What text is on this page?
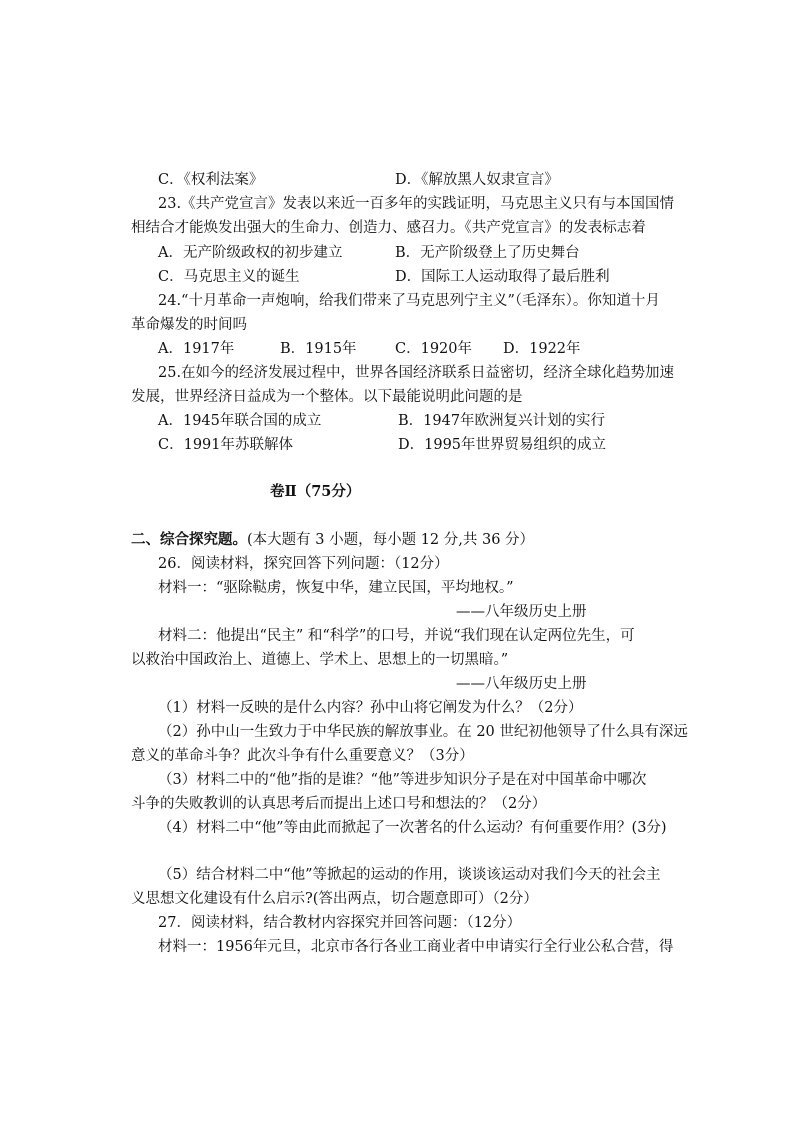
C．《权利法案》	D．《解放黑人奴隶宣言》
23.《共产党宣言》发表以来近一百多年的实践证明，马克思主义只有与本国国情
相结合才能焕发出强大的生命力、创造力、感召力。《共产党宣言》的发表标志着
A．无产阶级政权的初步建立	B．无产阶级登上了历史舞台
C．马克思主义的诞生	D．国际工人运动取得了最后胜利
24.“十月革命一声炮响，给我们带来了马克思列宁主义”（毛泽东）。你知道十月
革命爆发的时间吗
A．1917年	B．1915年	C．1920年 D．1922年
25.在如今的经济发展过程中，世界各国经济联系日益密切，经济全球化趋势加速
发展，世界经济日益成为一个整体。以下最能说明此问题的是
A．1945年联合国的成立	B．1947年欧洲复兴计划的实行
C．1991年苏联解体	D．1995年世界贸易组织的成立
卷Ⅱ（75分）
二、综合探究题。(本大题有 3 小题，每小题 12 分,共 36 分）
26．阅读材料，探究回答下列问题：（12分）
材料一：“驱除鞑虏，恢复中华，建立民国，平均地权。”
——八年级历史上册
材料二：他提出“民主” 和“科学”的口号，并说“我们现在认定两位先生，可
以救治中国政治上、道德上、学术上、思想上的一切黑暗。”
——八年级历史上册
（1）材料一反映的是什么内容？孙中山将它阐发为什么？（2分）
（2）孙中山一生致力于中华民族的解放事业。在 20 世纪初他领导了什么具有深远
意义的革命斗争？此次斗争有什么重要意义？（3分）
（3）材料二中的“他”指的是谁？“他”等进步知识分子是在对中国革命中哪次
斗争的失败教训的认真思考后而提出上述口号和想法的？（2分）
（4）材料二中“他”等由此而掀起了一次著名的什么运动？有何重要作用？(3分)
（5）结合材料二中“他”等掀起的运动的作用，谈谈该运动对我们今天的社会主
义思想文化建设有什么启示?(答出两点，切合题意即可）（2分）
27．阅读材料，结合教材内容探究并回答问题：（12分）
材料一：1956年元旦，北京市各行各业工商业者中申请实行全行业公私合营，得
